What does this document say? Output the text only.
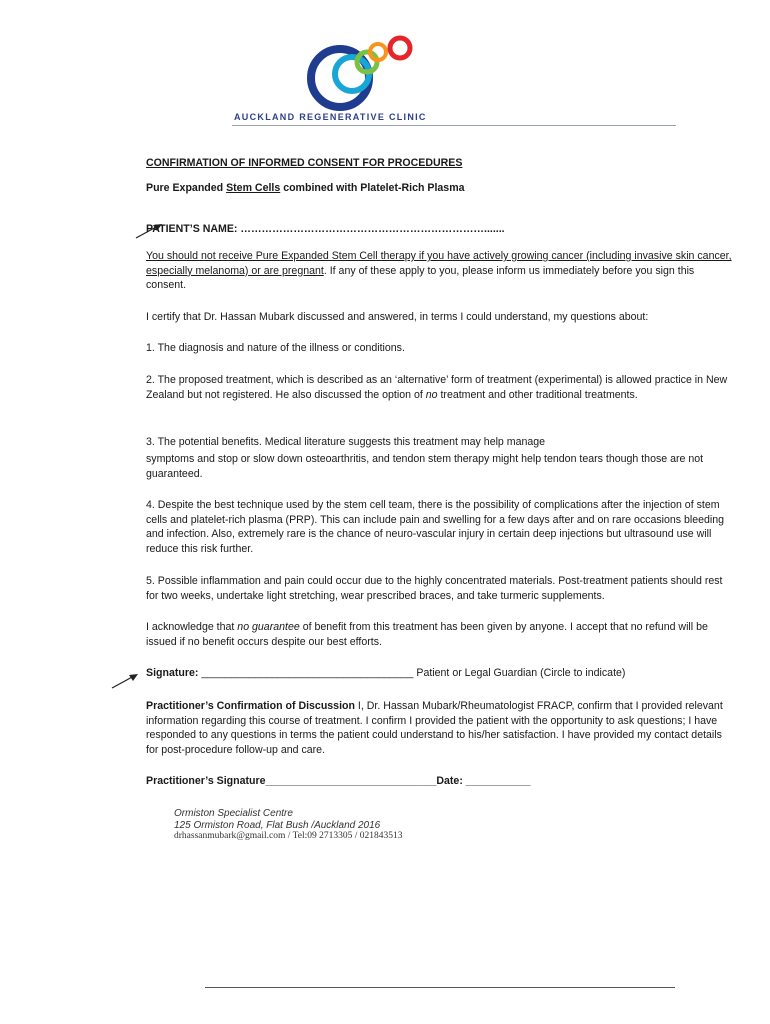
AUCKLAND REGENERATIVE CLINIC
CONFIRMATION OF INFORMED CONSENT FOR PROCEDURES
Pure Expanded Stem Cells combined with Platelet-Rich Plasma
PATIENT’S NAME: …………………………………………………………….......

You should not receive Pure Expanded Stem Cell therapy if you have actively growing cancer (including invasive skin cancer, especially melanoma) or are pregnant. If any of these apply to you, please inform us immediately before you sign this consent.

I certify that Dr. Hassan Mubark discussed and answered, in terms I could understand, my questions about:

1. The diagnosis and nature of the illness or conditions.

2. The proposed treatment, which is described as an ‘alternative’ form of treatment (experimental) is allowed practice in New Zealand but not registered. He also discussed the option of no treatment and other traditional treatments.

3. The potential benefits. Medical literature suggests this treatment may help manage

symptoms and stop or slow down osteoarthritis, and tendon stem therapy might help tendon tears though those are not guaranteed.

4. Despite the best technique used by the stem cell team, there is the possibility of complications after the injection of stem cells and platelet-rich plasma (PRP). This can include pain and swelling for a few days after and on rare occasions bleeding and infection. Also, extremely rare is the chance of neuro-vascular injury in certain deep injections but ultrasound use will reduce this risk further.

5. Possible inflammation and pain could occur due to the highly concentrated materials. Post-treatment patients should rest for two weeks, undertake light stretching, wear prescribed braces, and take turmeric supplements.

I acknowledge that no guarantee of benefit from this treatment has been given by anyone. I accept that no refund will be issued if no benefit occurs despite our best efforts.

Signature: ____________________________________ Patient or Legal Guardian (Circle to indicate)

Practitioner’s Confirmation of Discussion I, Dr. Hassan Mubark/Rheumatologist FRACP, confirm that I provided relevant information regarding this course of treatment. I confirm I provided the patient with the opportunity to ask questions; I have responded to any questions in terms the patient could understand to his/her satisfaction. I have provided my contact details for post-procedure follow-up and care.

Practitioner’s Signature_____________________________Date: ___________
Ormiston Specialist Centre
125 Ormiston Road, Flat Bush /Auckland 2016
drhassanmubark@gmail.com / Tel:09 2713305 / 021843513
